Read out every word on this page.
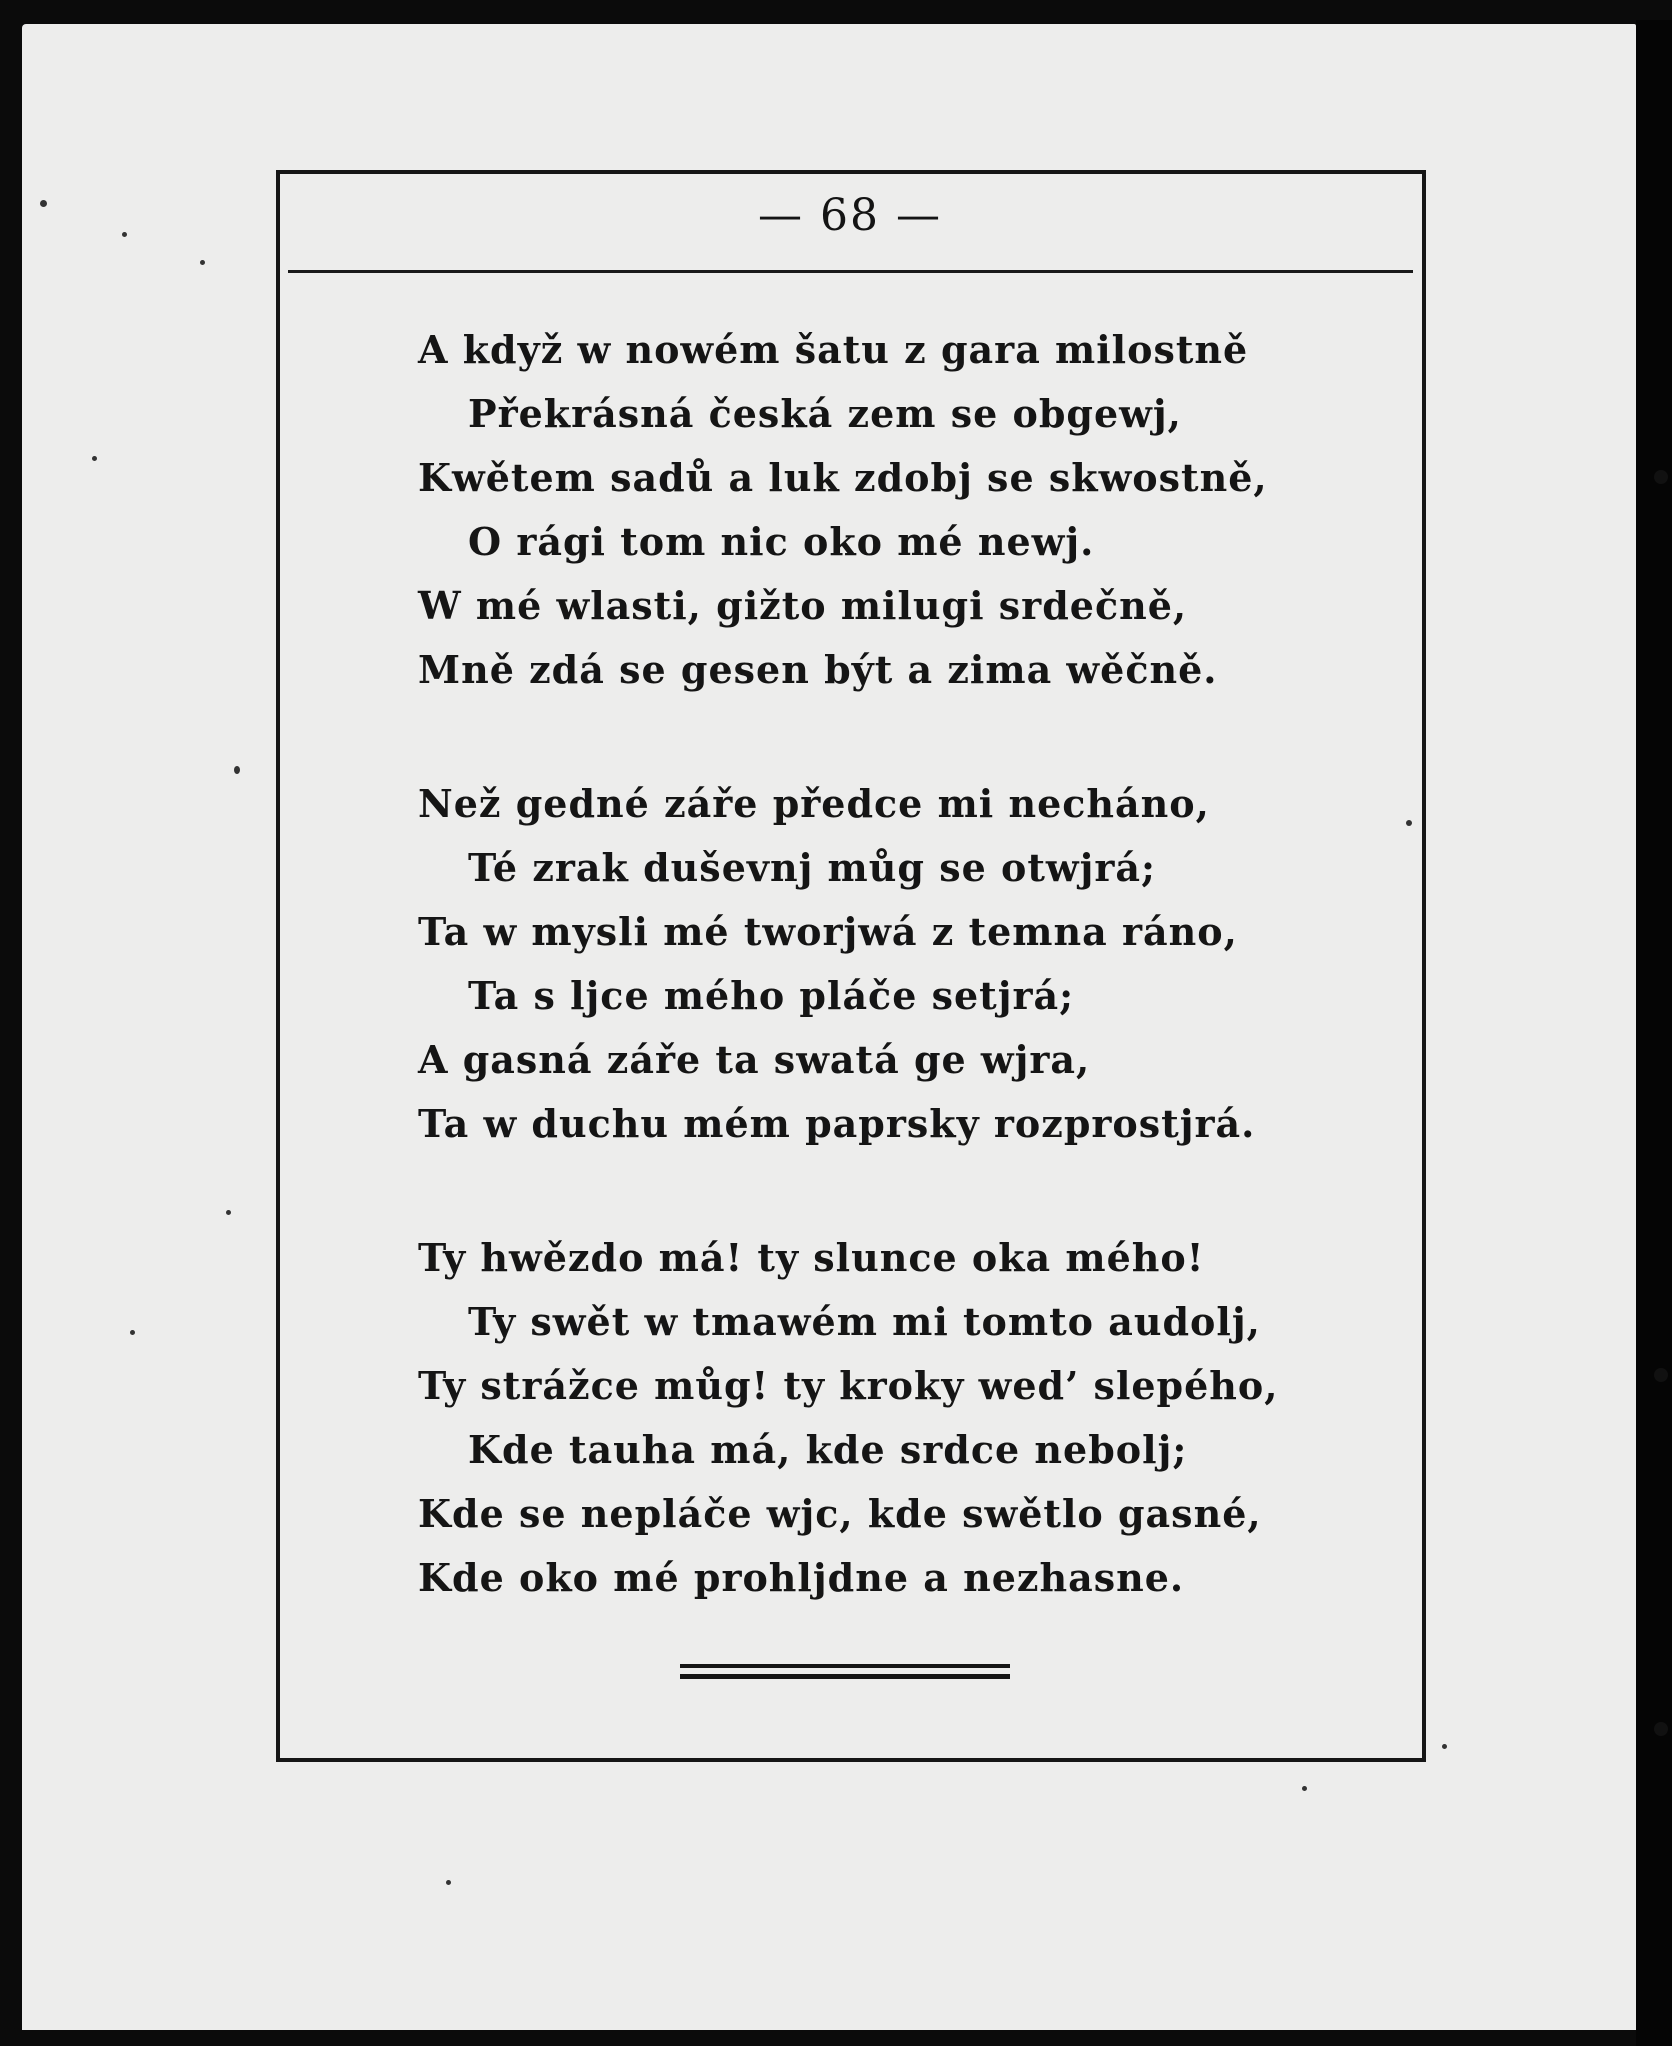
— 68 —
A když w nowém šatu z gara milostně
Překrásná česká zem se obgewj,
Kwětem sadů a luk zdobj se skwostně,
O rági tom nic oko mé newj.
W mé wlasti, gižto milugi srdečně,
Mně zdá se gesen být a zima wěčně.
Než gedné záře předce mi necháno,
Té zrak duševnj můg se otwjrá;
Ta w mysli mé tworjwá z temna ráno,
Ta s ljce mého pláče setjrá;
A gasná záře ta swatá ge wjra,
Ta w duchu mém paprsky rozprostjrá.
Ty hwězdo má! ty slunce oka mého!
Ty swět w tmawém mi tomto audolj,
Ty strážce můg! ty kroky wed’ slepého,
Kde tauha má, kde srdce nebolj;
Kde se nepláče wjc, kde swětlo gasné,
Kde oko mé prohljdne a nezhasne.
